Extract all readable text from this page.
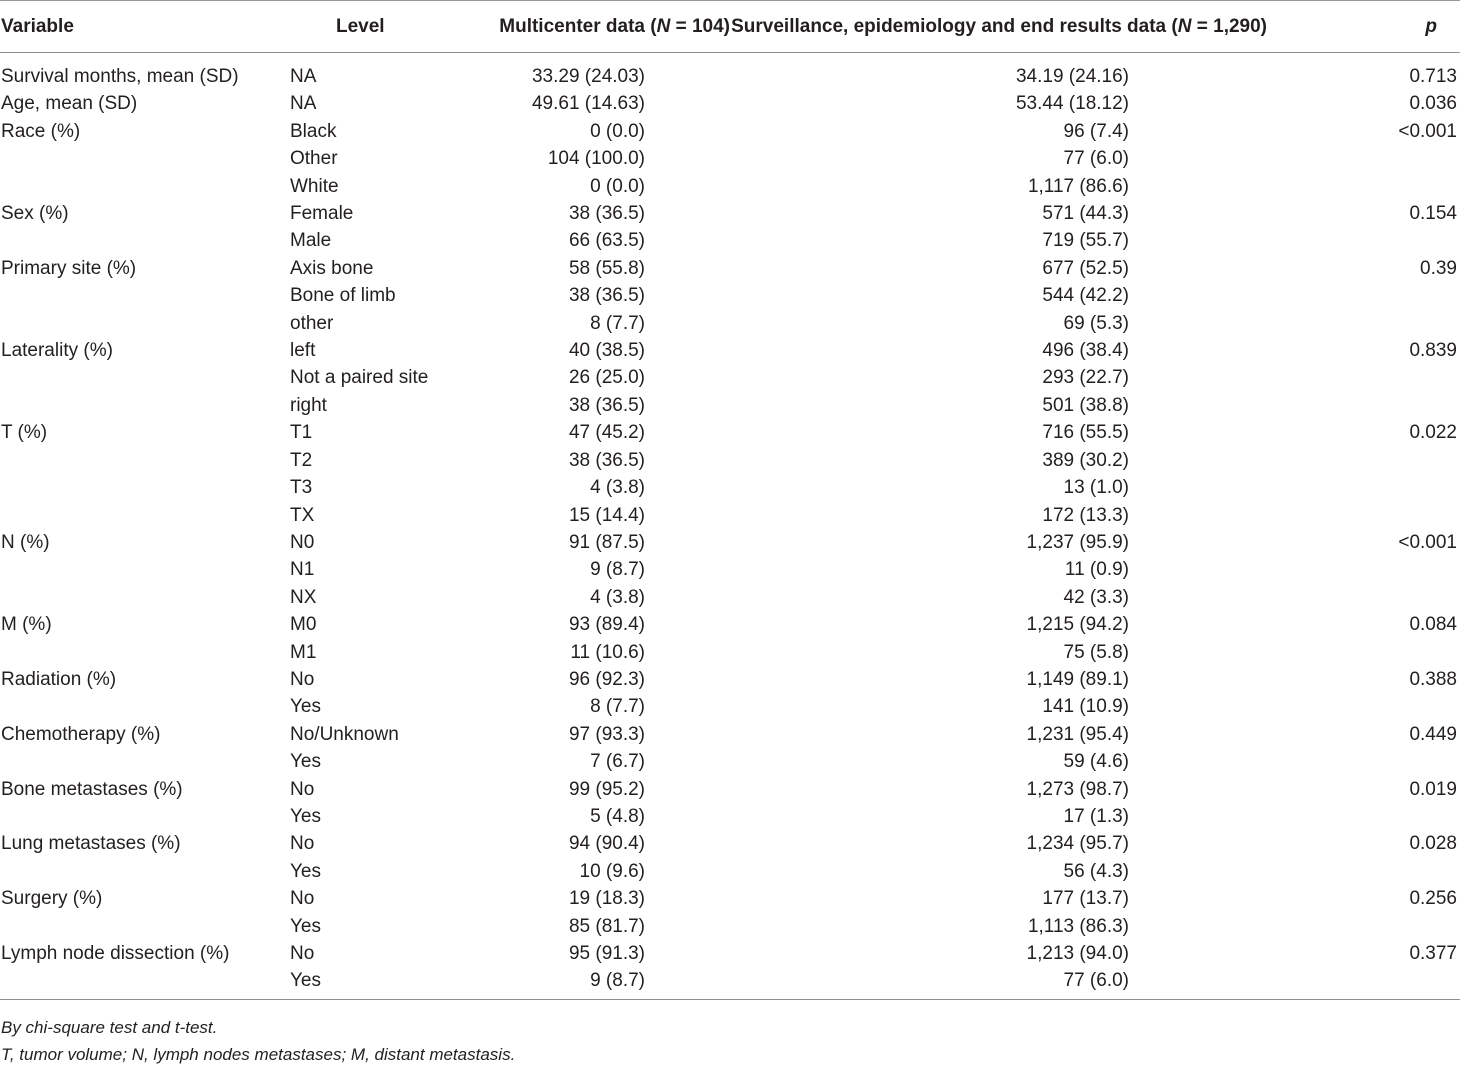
Variable	Level	Multicenter data (N = 104)	Surveillance, epidemiology and end results data (N = 1,290)	p
Survival months, mean (SD)	NA	33.29 (24.03)	34.19 (24.16)	0.713
Age, mean (SD)	NA	49.61 (14.63)	53.44 (18.12)	0.036
Race (%)	Black	0 (0.0)	96 (7.4)	<0.001
	Other	104 (100.0)	77 (6.0)	
	White	0 (0.0)	1,117 (86.6)	
Sex (%)	Female	38 (36.5)	571 (44.3)	0.154
	Male	66 (63.5)	719 (55.7)	
Primary site (%)	Axis bone	58 (55.8)	677 (52.5)	0.39
	Bone of limb	38 (36.5)	544 (42.2)	
	other	8 (7.7)	69 (5.3)	
Laterality (%)	left	40 (38.5)	496 (38.4)	0.839
	Not a paired site	26 (25.0)	293 (22.7)	
	right	38 (36.5)	501 (38.8)	
T (%)	T1	47 (45.2)	716 (55.5)	0.022
	T2	38 (36.5)	389 (30.2)	
	T3	4 (3.8)	13 (1.0)	
	TX	15 (14.4)	172 (13.3)	
N (%)	N0	91 (87.5)	1,237 (95.9)	<0.001
	N1	9 (8.7)	11 (0.9)	
	NX	4 (3.8)	42 (3.3)	
M (%)	M0	93 (89.4)	1,215 (94.2)	0.084
	M1	11 (10.6)	75 (5.8)	
Radiation (%)	No	96 (92.3)	1,149 (89.1)	0.388
	Yes	8 (7.7)	141 (10.9)	
Chemotherapy (%)	No/Unknown	97 (93.3)	1,231 (95.4)	0.449
	Yes	7 (6.7)	59 (4.6)	
Bone metastases (%)	No	99 (95.2)	1,273 (98.7)	0.019
	Yes	5 (4.8)	17 (1.3)	
Lung metastases (%)	No	94 (90.4)	1,234 (95.7)	0.028
	Yes	10 (9.6)	56 (4.3)	
Surgery (%)	No	19 (18.3)	177 (13.7)	0.256
	Yes	85 (81.7)	1,113 (86.3)	
Lymph node dissection (%)	No	95 (91.3)	1,213 (94.0)	0.377
	Yes	9 (8.7)	77 (6.0)	

By chi-square test and t-test.

T, tumor volume; N, lymph nodes metastases; M, distant metastasis.
